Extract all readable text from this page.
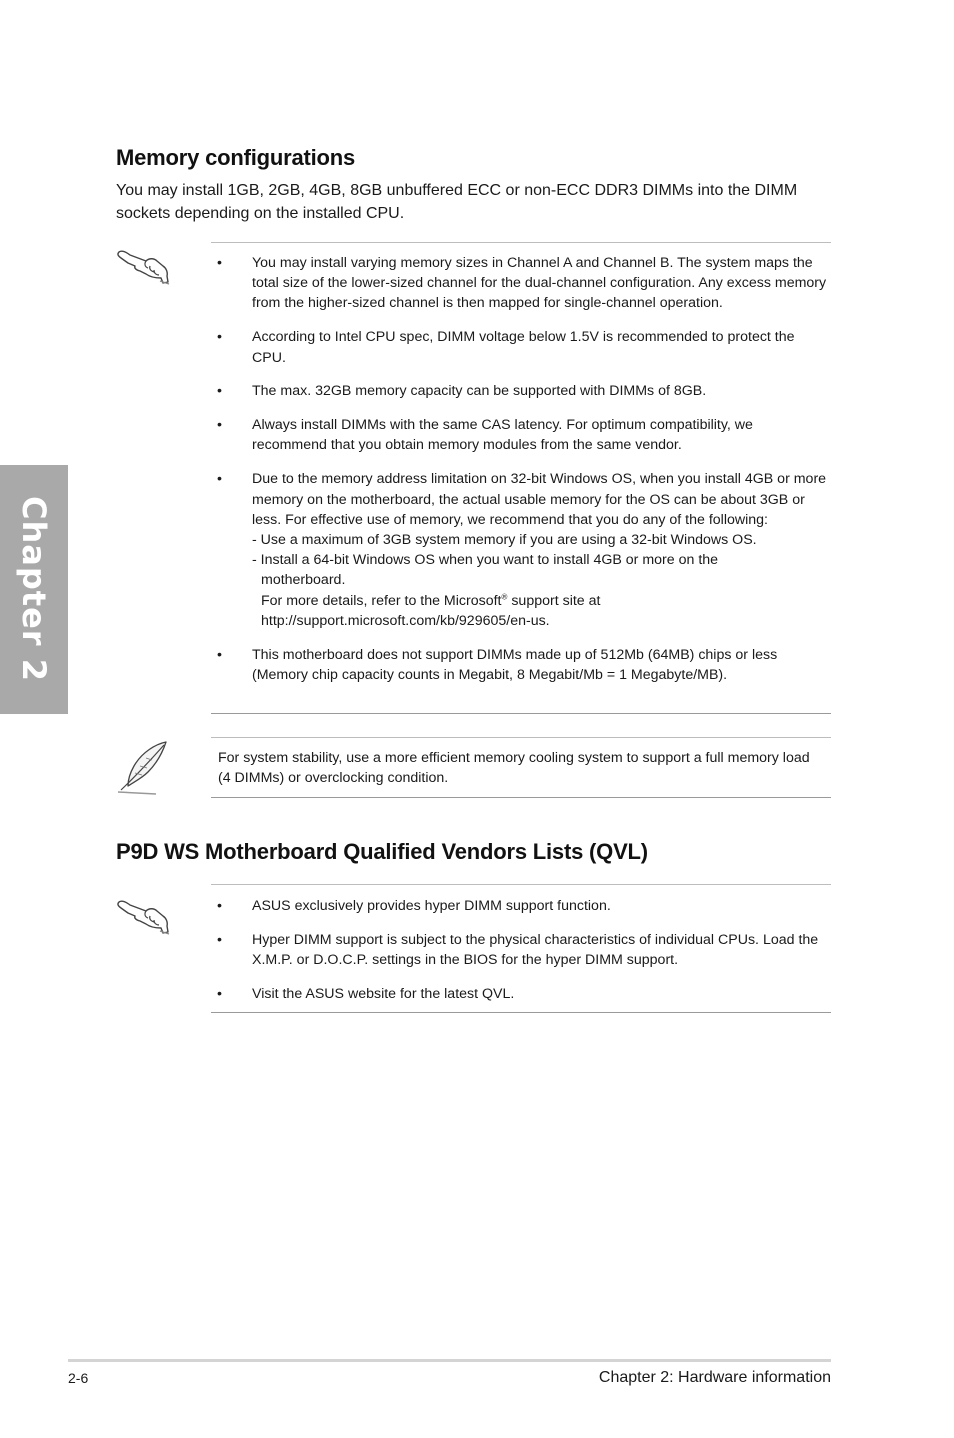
Chapter 2
Memory configurations

You may install 1GB, 2GB, 4GB, 8GB unbuffered ECC or non-ECC DDR3 DIMMs into the DIMM sockets depending on the installed CPU.

• You may install varying memory sizes in Channel A and Channel B. The system maps the total size of the lower-sized channel for the dual-channel configuration. Any excess memory from the higher-sized channel is then mapped for single-channel operation.
• According to Intel CPU spec, DIMM voltage below 1.5V is recommended to protect the CPU.
• The max. 32GB memory capacity can be supported with DIMMs of 8GB.
• Always install DIMMs with the same CAS latency. For optimum compatibility, we recommend that you obtain memory modules from the same vendor.
• Due to the memory address limitation on 32-bit Windows OS, when you install 4GB or more memory on the motherboard, the actual usable memory for the OS can be about 3GB or less. For effective use of memory, we recommend that you do any of the following:
- Use a maximum of 3GB system memory if you are using a 32-bit Windows OS.
- Install a 64-bit Windows OS when you want to install 4GB or more on the
motherboard.
For more details, refer to the Microsoft® support site at
http://support.microsoft.com/kb/929605/en-us.
• This motherboard does not support DIMMs made up of 512Mb (64MB) chips or less (Memory chip capacity counts in Megabit, 8 Megabit/Mb = 1 Megabyte/MB).
For system stability, use a more efficient memory cooling system to support a full memory load (4 DIMMs) or overclocking condition.
P9D WS Motherboard Qualified Vendors Lists (QVL)
• ASUS exclusively provides hyper DIMM support function.
• Hyper DIMM support is subject to the physical characteristics of individual CPUs. Load the X.M.P. or D.O.C.P. settings in the BIOS for the hyper DIMM support.
• Visit the ASUS website for the latest QVL.
2-6	Chapter 2: Hardware information
